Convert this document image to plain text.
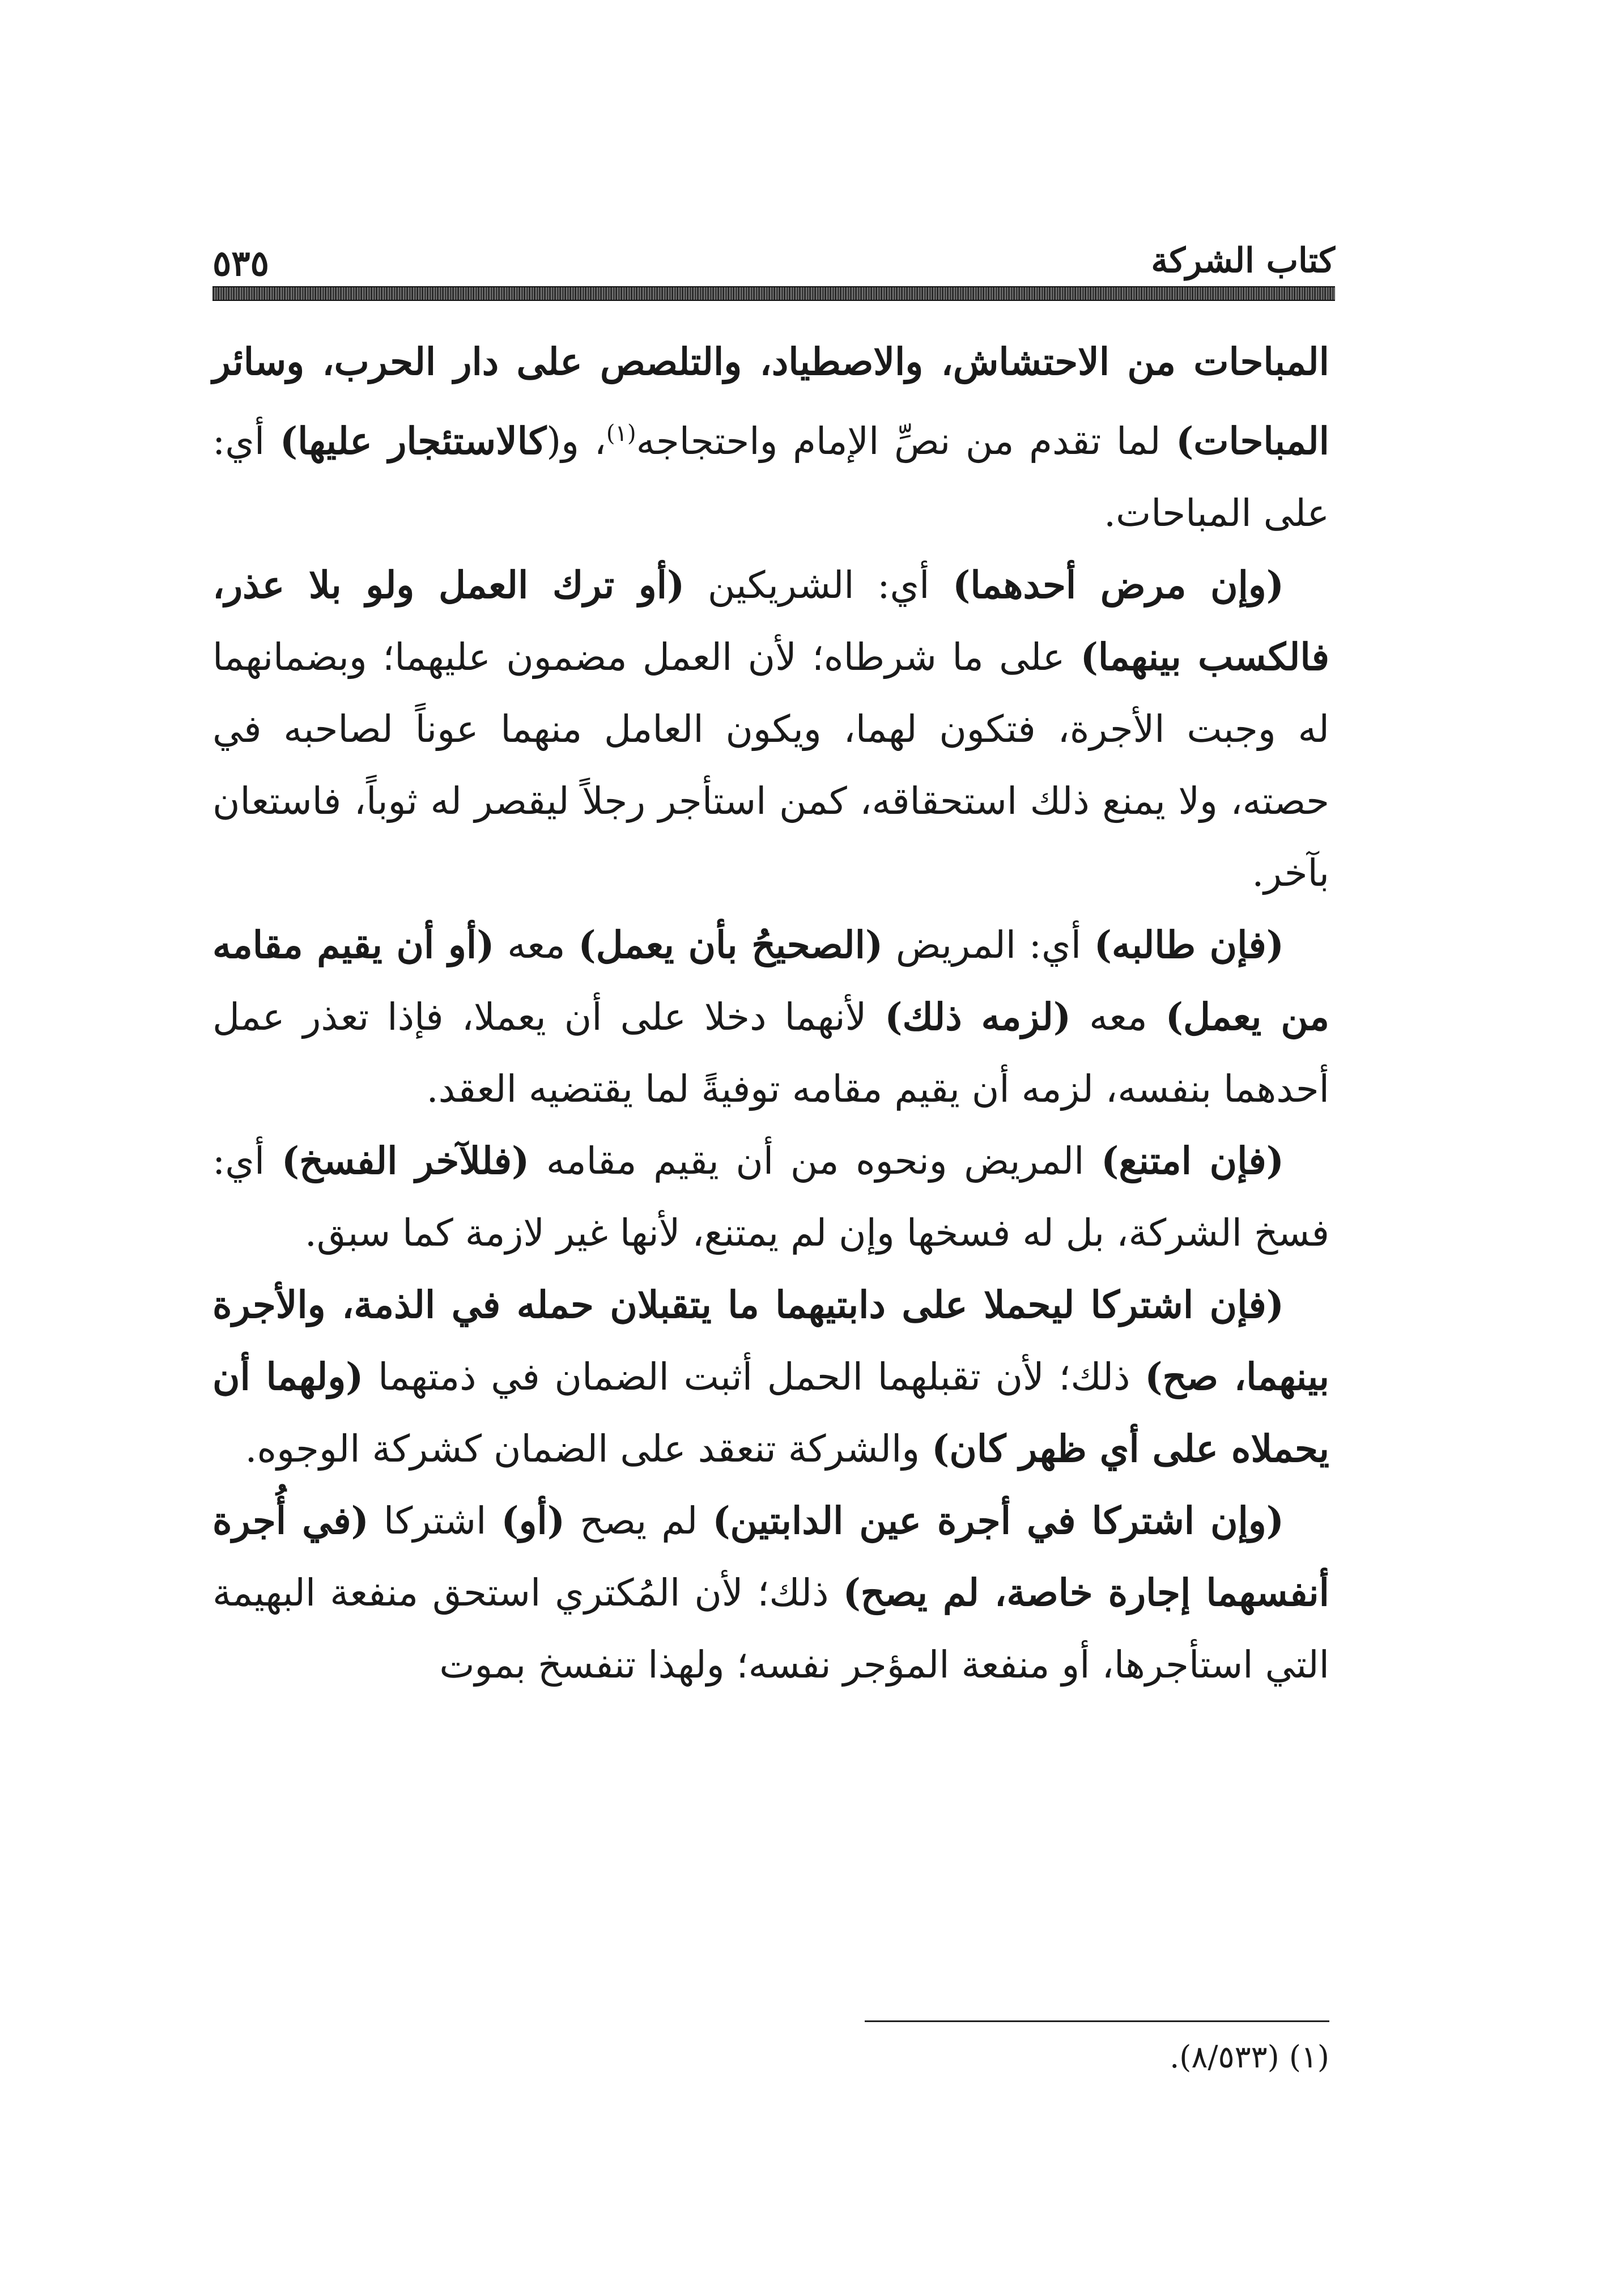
كتاب الشركة
٥٣٥

المباحات من الاحتشاش، والاصطياد، والتلصص على دار الحرب، وسائر المباحات) لما تقدم من نصِّ الإمام واحتجاجه$^{(١)}$، و(كالاستئجار عليها) أي: على المباحات.

(وإن مرض أحدهما) أي: الشريكين (أو ترك العمل ولو بلا عذر، فالكسب بينهما) على ما شرطاه؛ لأن العمل مضمون عليهما؛ وبضمانهما له وجبت الأجرة، فتكون لهما، ويكون العامل منهما عوناً لصاحبه في حصته، ولا يمنع ذلك استحقاقه، كمن استأجر رجلاً ليقصر له ثوباً، فاستعان بآخر.

(فإن طالبه) أي: المريض (الصحيحُ بأن يعمل) معه (أو أن يقيم مقامه من يعمل) معه (لزمه ذلك) لأنهما دخلا على أن يعملا، فإذا تعذر عمل أحدهما بنفسه، لزمه أن يقيم مقامه توفيةً لما يقتضيه العقد.

(فإن امتنع) المريض ونحوه من أن يقيم مقامه (فللآخر الفسخ) أي: فسخ الشركة، بل له فسخها وإن لم يمتنع، لأنها غير لازمة كما سبق.

(فإن اشتركا ليحملا على دابتيهما ما يتقبلان حمله في الذمة، والأجرة بينهما، صح) ذلك؛ لأن تقبلهما الحمل أثبت الضمان في ذمتهما (ولهما أن يحملاه على أي ظهر كان) والشركة تنعقد على الضمان كشركة الوجوه.

(وإن اشتركا في أجرة عين الدابتين) لم يصح (أو) اشتركا (في أُجرة أنفسهما إجارة خاصة، لم يصح) ذلك؛ لأن المُكتري استحق منفعة البهيمة التي استأجرها، أو منفعة المؤجر نفسه؛ ولهذا تنفسخ بموت

(١) (٨/٥٣٣).
